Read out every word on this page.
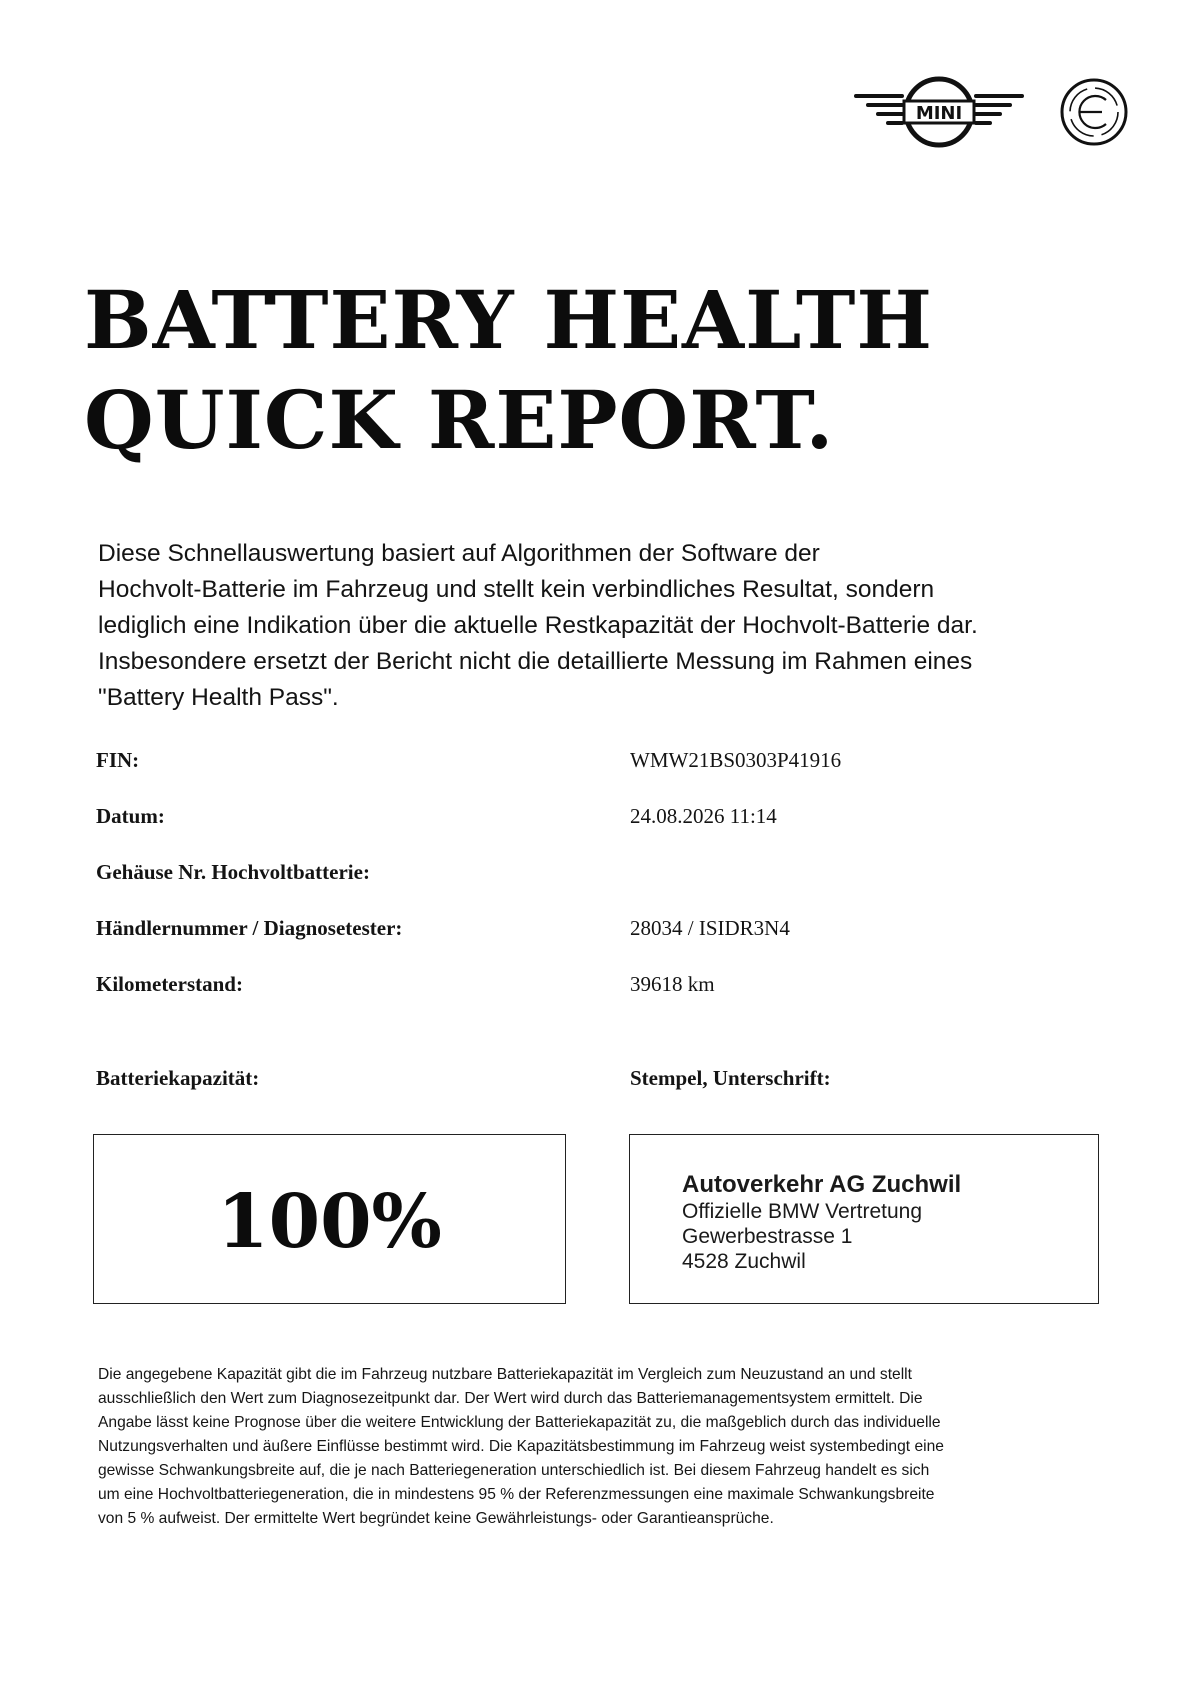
MINI
BATTERY HEALTH
QUICK REPORT.

Diese Schnellauswertung basiert auf Algorithmen der Software der
Hochvolt-Batterie im Fahrzeug und stellt kein verbindliches Resultat, sondern
lediglich eine Indikation über die aktuelle Restkapazität der Hochvolt-Batterie dar.
Insbesondere ersetzt der Bericht nicht die detaillierte Messung im Rahmen eines
"Battery Health Pass".

FIN:	WMW21BS0303P41916
Datum:	24.08.2026 11:14
Gehäuse Nr. Hochvoltbatterie:
Händlernummer / Diagnosetester:	28034 / ISIDR3N4
Kilometerstand:	39618 km
Batteriekapazität:	Stempel, Unterschrift:
100%	Autoverkehr AG Zuchwil
Offizielle BMW Vertretung
Gewerbestrasse 1
4528 Zuchwil

Die angegebene Kapazität gibt die im Fahrzeug nutzbare Batteriekapazität im Vergleich zum Neuzustand an und stellt
ausschließlich den Wert zum Diagnosezeitpunkt dar. Der Wert wird durch das Batteriemanagementsystem ermittelt. Die
Angabe lässt keine Prognose über die weitere Entwicklung der Batteriekapazität zu, die maßgeblich durch das individuelle
Nutzungsverhalten und äußere Einflüsse bestimmt wird. Die Kapazitätsbestimmung im Fahrzeug weist systembedingt eine
gewisse Schwankungsbreite auf, die je nach Batteriegeneration unterschiedlich ist. Bei diesem Fahrzeug handelt es sich
um eine Hochvoltbatteriegeneration, die in mindestens 95 % der Referenzmessungen eine maximale Schwankungsbreite
von 5 % aufweist. Der ermittelte Wert begründet keine Gewährleistungs- oder Garantieansprüche.
